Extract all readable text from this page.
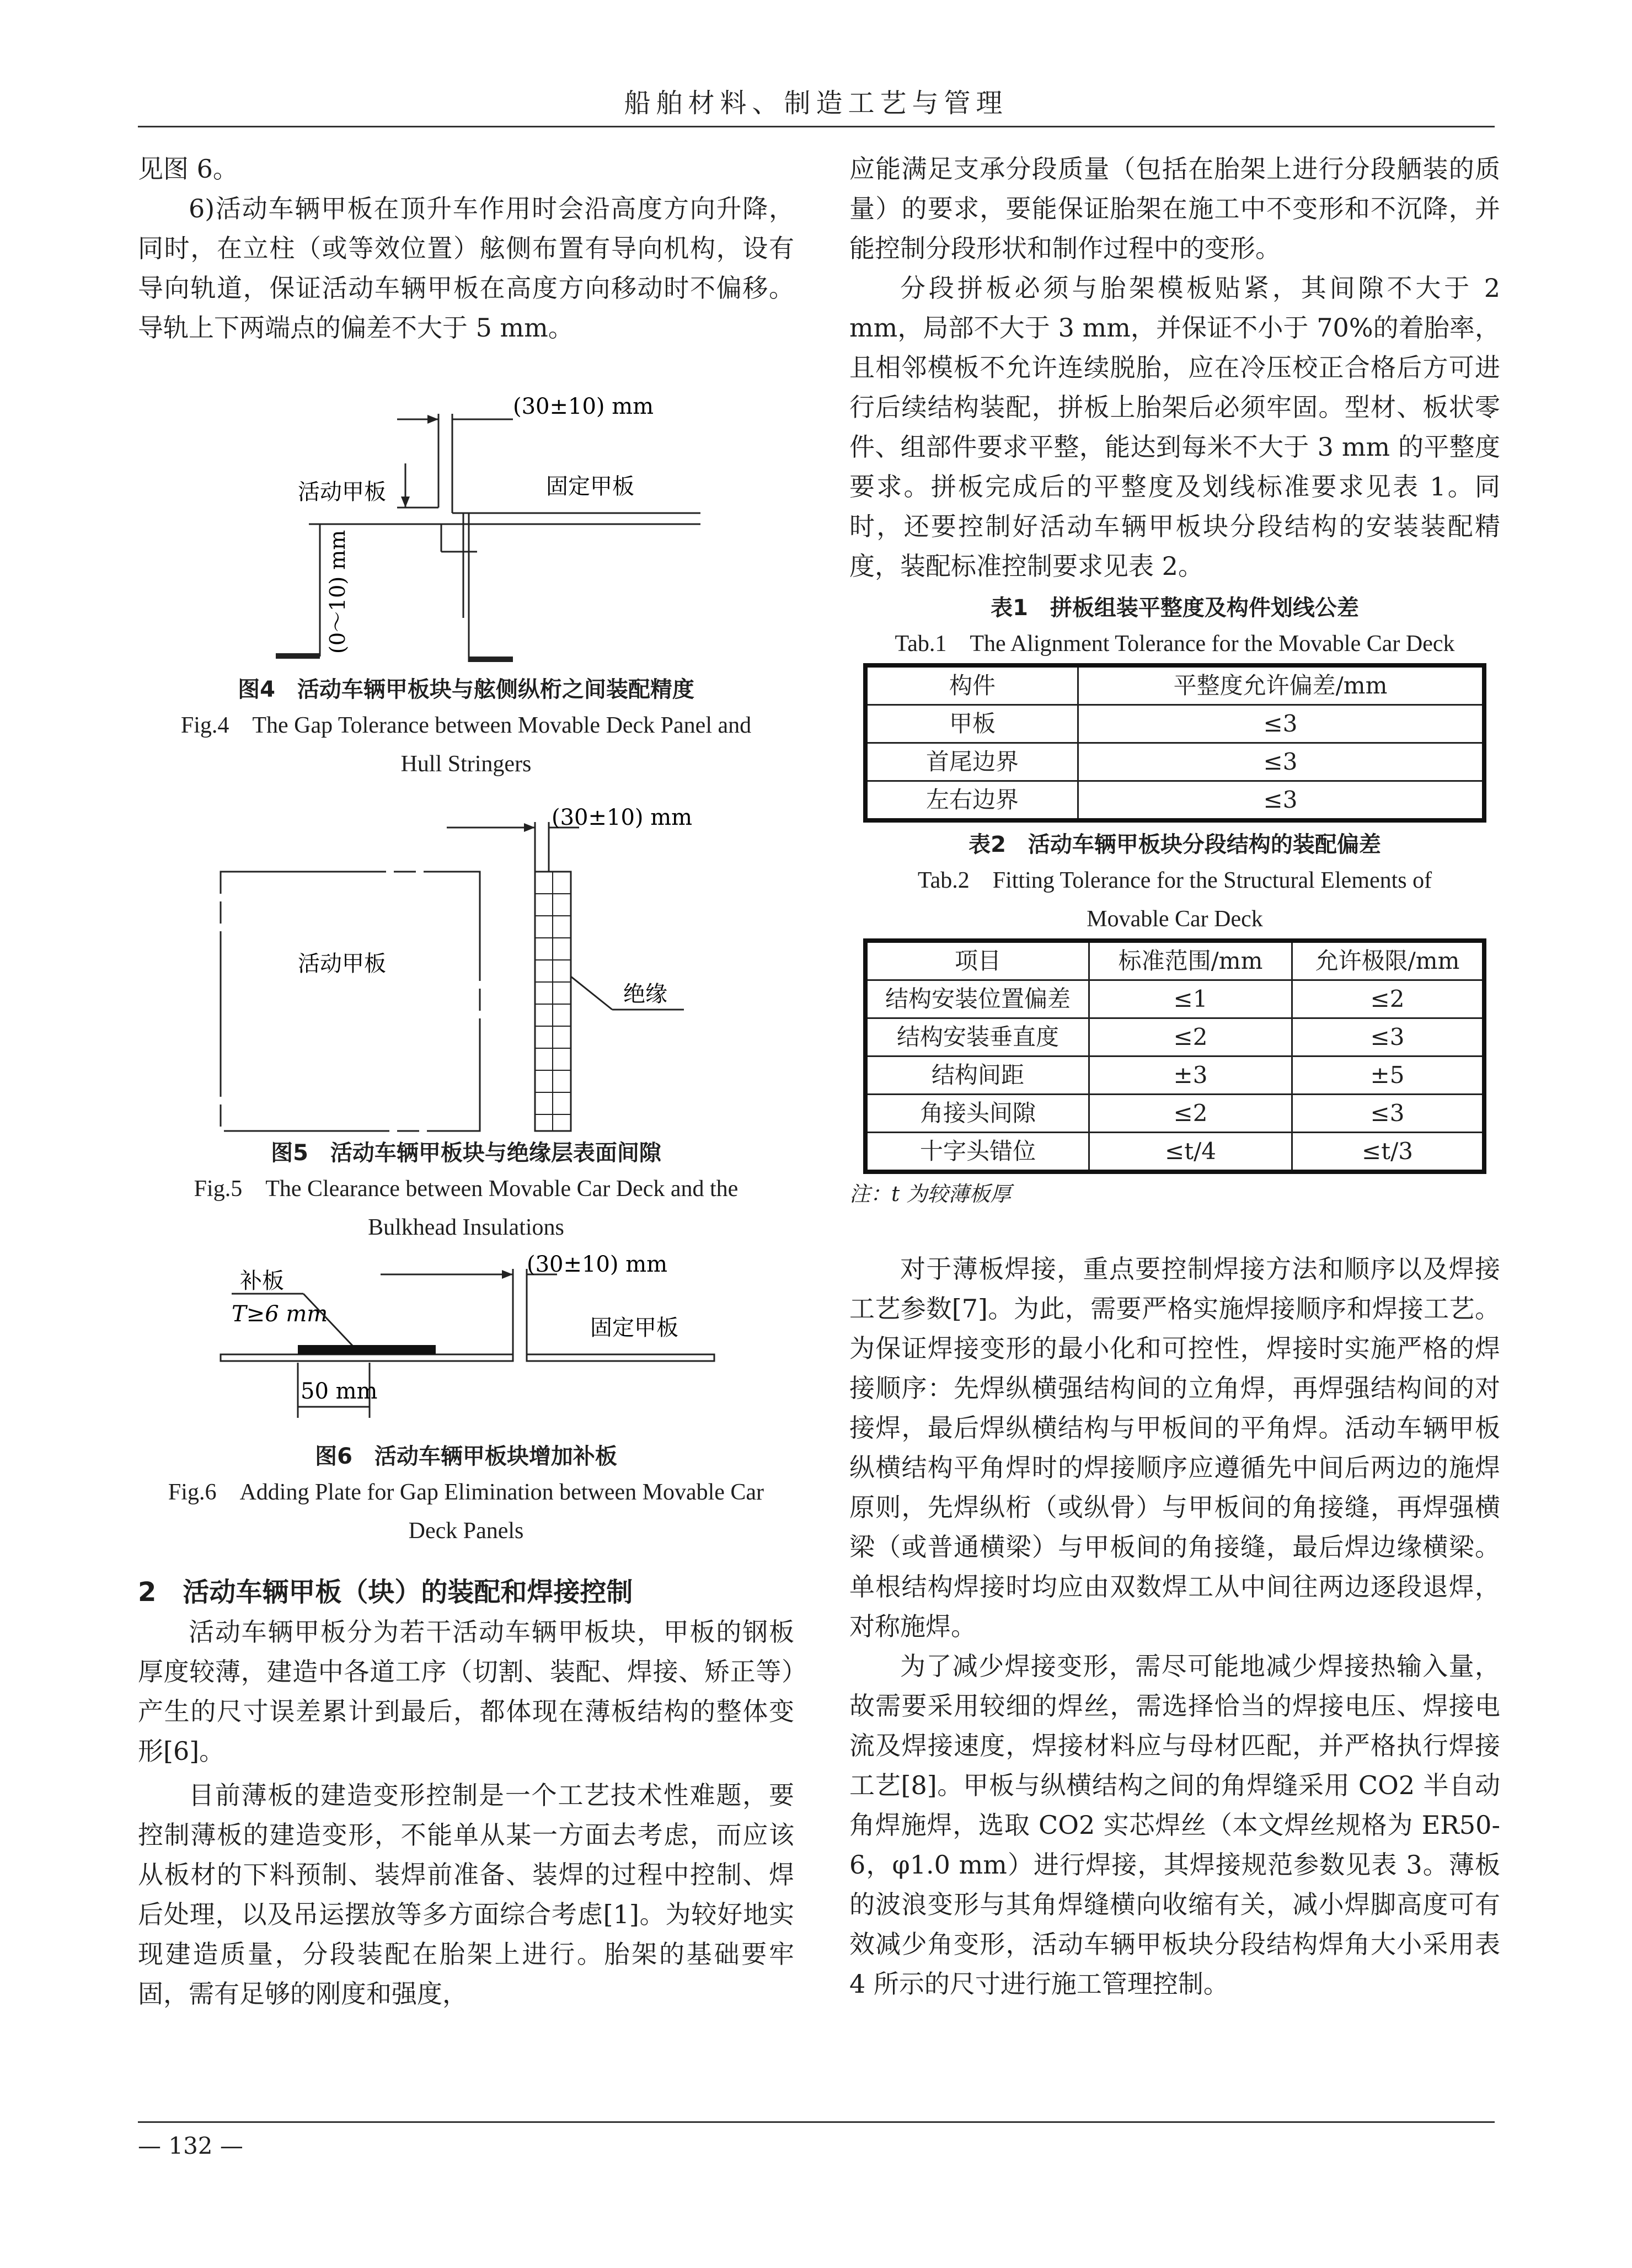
船舶材料、制造工艺与管理

见图 6。

6)活动车辆甲板在顶升车作用时会沿高度方向升降，同时，在立柱（或等效位置）舷侧布置有导向机构，设有导向轨道，保证活动车辆甲板在高度方向移动时不偏移。导轨上下两端点的偏差不大于 5 mm。

(30±10) mm
活动甲板	固定甲板
(0～10) mm
图4　活动车辆甲板块与舷侧纵桁之间装配精度
Fig.4　The Gap Tolerance between Movable Deck Panel and
Hull Stringers
(30±10) mm
活动甲板
绝缘
图5　活动车辆甲板块与绝缘层表面间隙
Fig.5　The Clearance between Movable Car Deck and the
Bulkhead Insulations
补板
T≥6 mm
(30±10) mm
固定甲板
50 mm
图6　活动车辆甲板块增加补板
Fig.6　Adding Plate for Gap Elimination between Movable Car
Deck Panels
2　活动车辆甲板（块）的装配和焊接控制

活动车辆甲板分为若干活动车辆甲板块，甲板的钢板厚度较薄，建造中各道工序（切割、装配、焊接、矫正等）产生的尺寸误差累计到最后，都体现在薄板结构的整体变形[6]。

目前薄板的建造变形控制是一个工艺技术性难题，要控制薄板的建造变形，不能单从某一方面去考虑，而应该从板材的下料预制、装焊前准备、装焊的过程中控制、焊后处理，以及吊运摆放等多方面综合考虑[1]。为较好地实现建造质量，分段装配在胎架上进行。胎架的基础要牢固，需有足够的刚度和强度，

应能满足支承分段质量（包括在胎架上进行分段舾装的质量）的要求，要能保证胎架在施工中不变形和不沉降，并能控制分段形状和制作过程中的变形。

分段拼板必须与胎架模板贴紧，其间隙不大于 2 mm，局部不大于 3 mm，并保证不小于 70%的着胎率，且相邻模板不允许连续脱胎，应在冷压校正合格后方可进行后续结构装配，拼板上胎架后必须牢固。型材、板状零件、组部件要求平整，能达到每米不大于 3 mm 的平整度要求。拼板完成后的平整度及划线标准要求见表 1。同时，还要控制好活动车辆甲板块分段结构的安装装配精度，装配标准控制要求见表 2。

表1　拼板组装平整度及构件划线公差
Tab.1　The Alignment Tolerance for the Movable Car Deck
构件	平整度允许偏差/mm
甲板	≤3
首尾边界	≤3
左右边界	≤3
表2　活动车辆甲板块分段结构的装配偏差
Tab.2　Fitting Tolerance for the Structural Elements of
Movable Car Deck
项目	标准范围/mm	允许极限/mm
结构安装位置偏差	≤1	≤2
结构安装垂直度	≤2	≤3
结构间距	±3	±5
角接头间隙	≤2	≤3
十字头错位	≤t/4	≤t/3
注：t 为较薄板厚

对于薄板焊接，重点要控制焊接方法和顺序以及焊接工艺参数[7]。为此，需要严格实施焊接顺序和焊接工艺。为保证焊接变形的最小化和可控性，焊接时实施严格的焊接顺序：先焊纵横强结构间的立角焊，再焊强结构间的对接焊，最后焊纵横结构与甲板间的平角焊。活动车辆甲板纵横结构平角焊时的焊接顺序应遵循先中间后两边的施焊原则，先焊纵桁（或纵骨）与甲板间的角接缝，再焊强横梁（或普通横梁）与甲板间的角接缝，最后焊边缘横梁。单根结构焊接时均应由双数焊工从中间往两边逐段退焊，对称施焊。

为了减少焊接变形，需尽可能地减少焊接热输入量，故需要采用较细的焊丝，需选择恰当的焊接电压、焊接电流及焊接速度，焊接材料应与母材匹配，并严格执行焊接工艺[8]。甲板与纵横结构之间的角焊缝采用 CO2 半自动角焊施焊，选取 CO2 实芯焊丝（本文焊丝规格为 ER50-6，φ1.0 mm）进行焊接，其焊接规范参数见表 3。薄板的波浪变形与其角焊缝横向收缩有关，减小焊脚高度可有效减少角变形，活动车辆甲板块分段结构焊角大小采用表 4 所示的尺寸进行施工管理控制。

— 132 —
